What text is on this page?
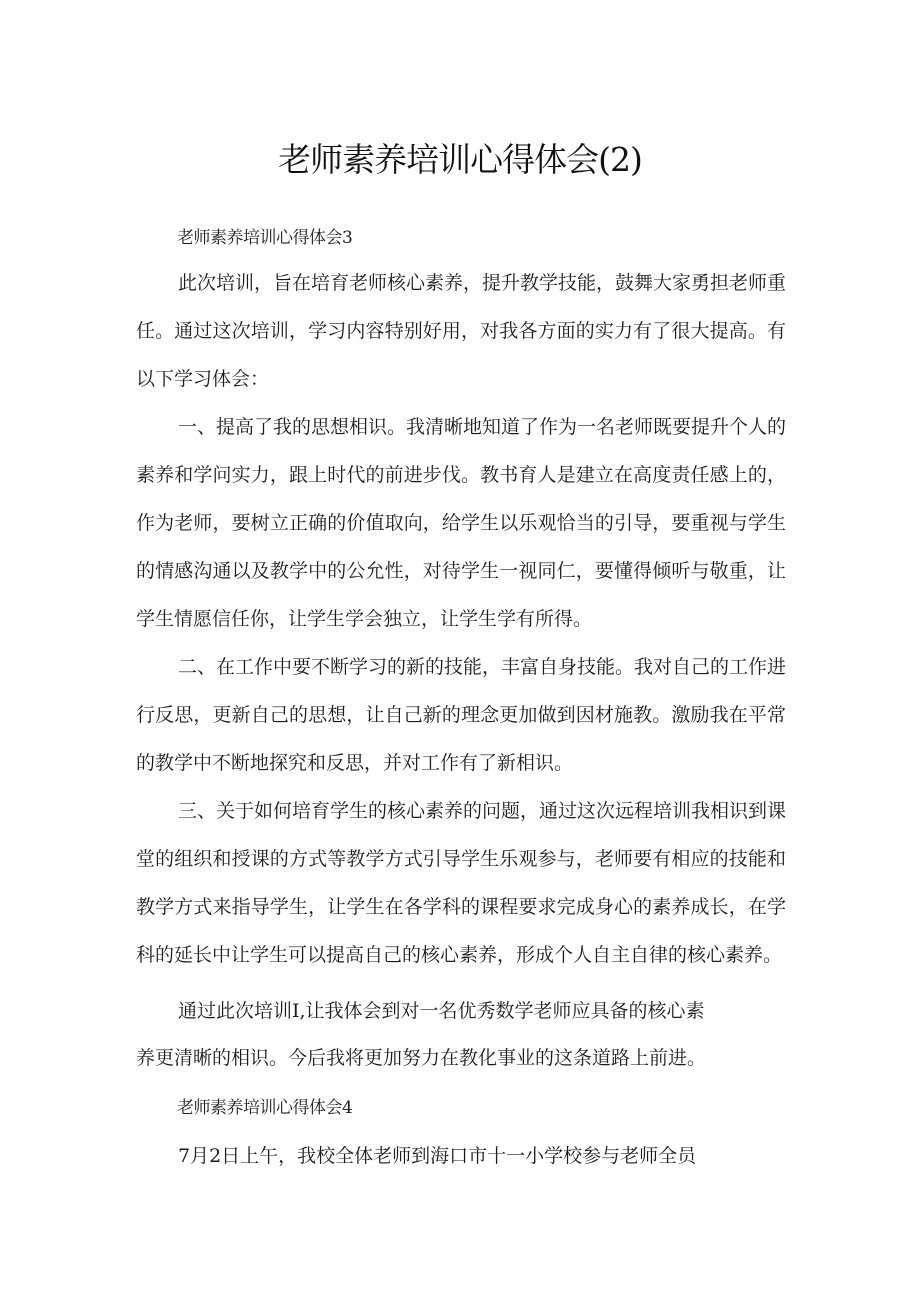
老师素养培训心得体会(2)
老师素养培训心得体会3
此次培训，旨在培育老师核心素养，提升教学技能，鼓舞大家勇担老师重任。通过这次培训，学习内容特别好用，对我各方面的实力有了很大提高。有以下学习体会：
一、提高了我的思想相识。我清晰地知道了作为一名老师既要提升个人的素养和学问实力，跟上时代的前进步伐。教书育人是建立在高度责任感上的，作为老师，要树立正确的价值取向，给学生以乐观恰当的引导，要重视与学生的情感沟通以及教学中的公允性，对待学生一视同仁，要懂得倾听与敬重，让学生情愿信任你，让学生学会独立，让学生学有所得。
二、在工作中要不断学习的新的技能，丰富自身技能。我对自己的工作进行反思，更新自己的思想，让自己新的理念更加做到因材施教。激励我在平常的教学中不断地探究和反思，并对工作有了新相识。
三、关于如何培育学生的核心素养的问题，通过这次远程培训我相识到课堂的组织和授课的方式等教学方式引导学生乐观参与，老师要有相应的技能和教学方式来指导学生，让学生在各学科的课程要求完成身心的素养成长，在学科的延长中让学生可以提高自己的核心素养，形成个人自主自律的核心素养。
通过此次培训I,让我体会到对一名优秀数学老师应具备的核心素
养更清晰的相识。今后我将更加努力在教化事业的这条道路上前进。
老师素养培训心得体会4
7月2日上午，我校全体老师到海口市十一小学校参与老师全员
